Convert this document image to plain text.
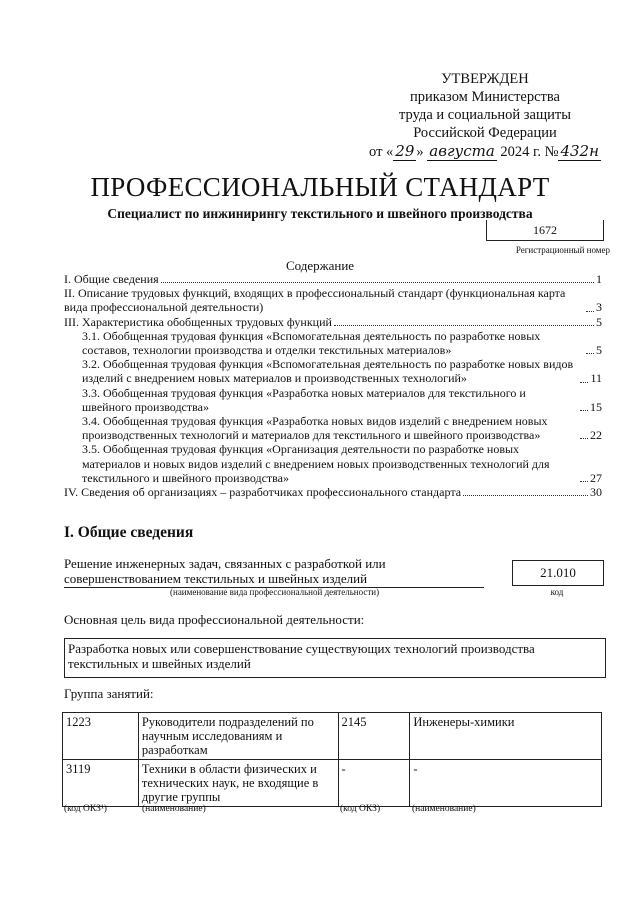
УТВЕРЖДЕН
приказом Министерства
труда и социальной защиты
Российской Федерации
от « 29 » августа 2024 г. № 432н
ПРОФЕССИОНАЛЬНЫЙ СТАНДАРТ
Специалист по инжинирингу текстильного и швейного производства
1672
Регистрационный номер
Содержание
I. Общие сведения	1
II. Описание трудовых функций, входящих в профессиональный стандарт (функциональная карта вида профессиональной деятельности)	3
III. Характеристика обобщенных трудовых функций	5
3.1. Обобщенная трудовая функция «Вспомогательная деятельность по разработке новых составов, технологии производства и отделки текстильных материалов»	5
3.2. Обобщенная трудовая функция «Вспомогательная деятельность по разработке новых видов изделий с внедрением новых материалов и производственных технологий»	11
3.3. Обобщенная трудовая функция «Разработка новых материалов для текстильного и швейного производства»	15
3.4. Обобщенная трудовая функция «Разработка новых видов изделий с внедрением новых производственных технологий и материалов для текстильного и швейного производства»	22
3.5. Обобщенная трудовая функция «Организация деятельности по разработке новых материалов и новых видов изделий с внедрением новых производственных технологий для текстильного и швейного производства»	27
IV. Сведения об организациях – разработчиках профессионального стандарта	30
I. Общие сведения
Решение инженерных задач, связанных с разработкой или совершенствованием текстильных и швейных изделий
(наименование вида профессиональной деятельности)
21.010
код
Основная цель вида профессиональной деятельности:
Разработка новых или совершенствование существующих технологий производства текстильных и швейных изделий
Группа занятий:
1223	Руководители подразделений по научным исследованиям и разработкам	2145	Инженеры-химики
3119	Техники в области физических и технических наук, не входящие в другие группы	-	-
(код ОКЗ¹)	(наименование)	(код ОКЗ)	(наименование)
